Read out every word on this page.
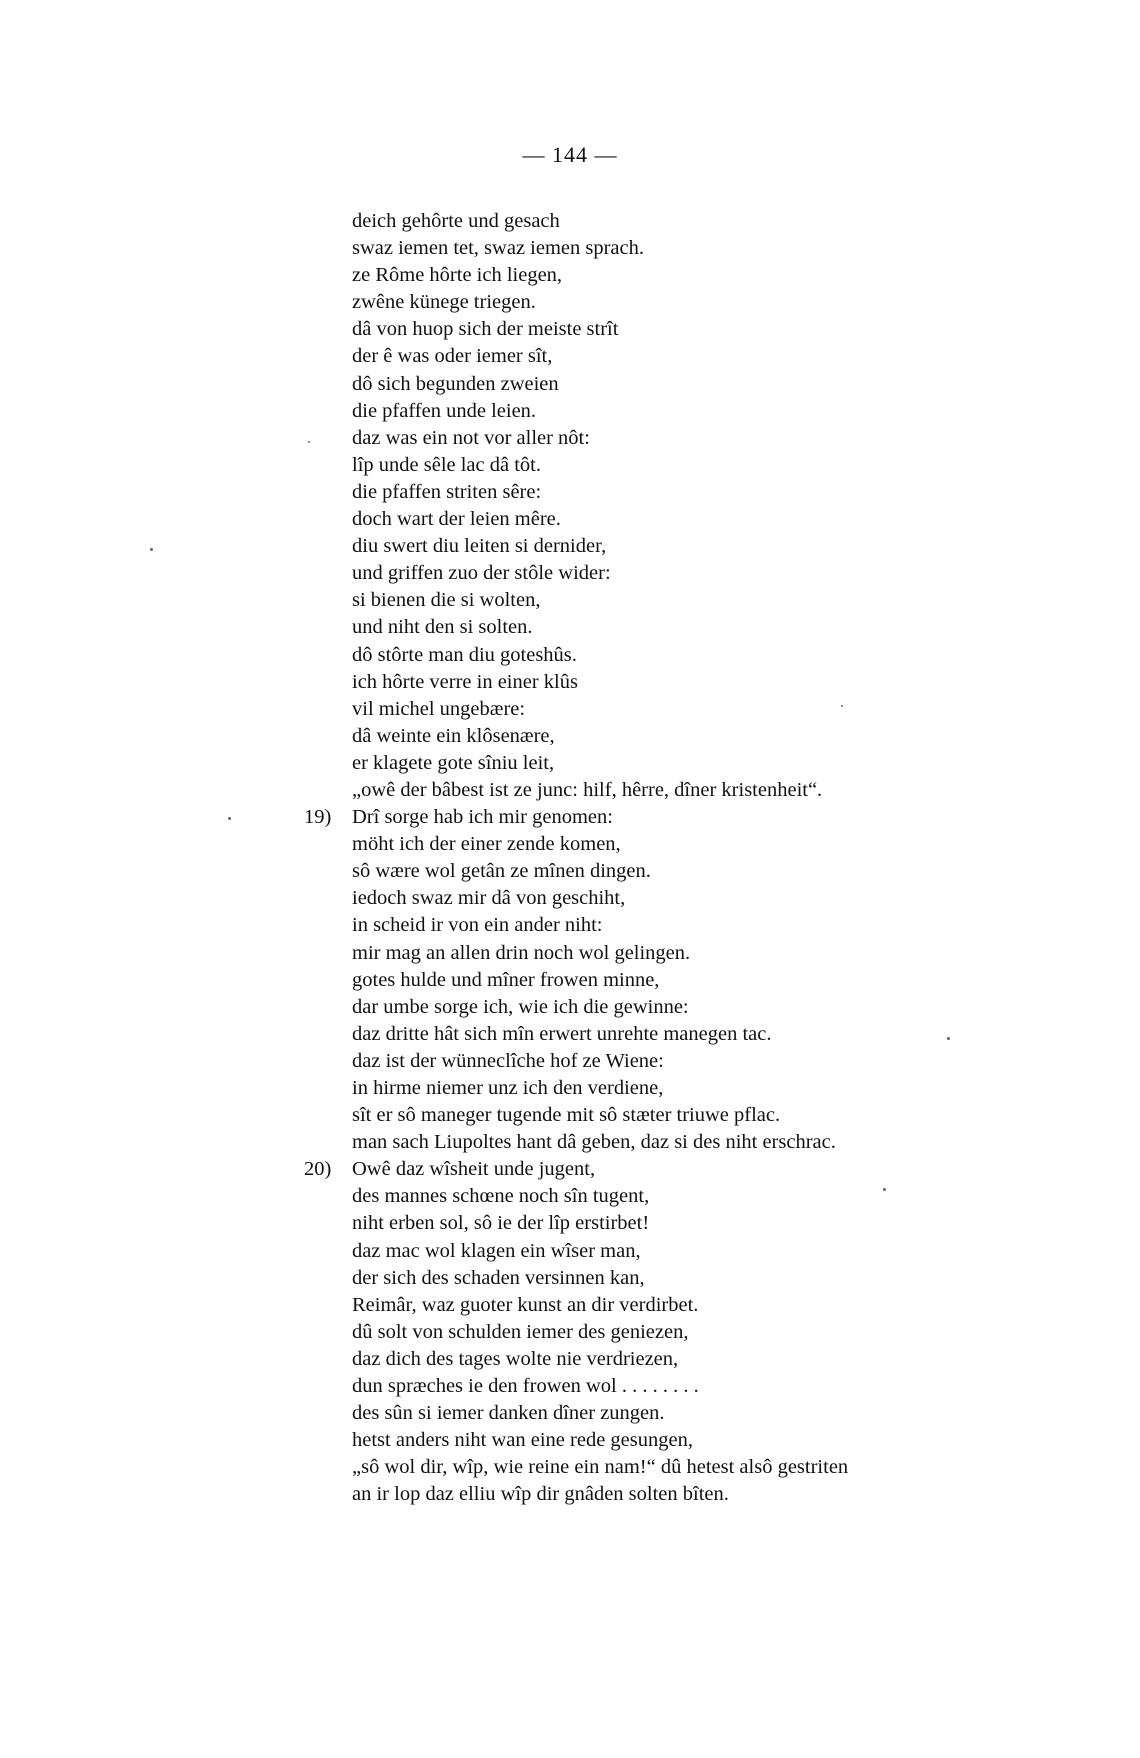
— 144 —
deich gehôrte und gesach
swaz iemen tet, swaz iemen sprach.
ze Rôme hôrte ich liegen,
zwêne künege triegen.
dâ von huop sich der meiste strît
der ê was oder iemer sît,
dô sich begunden zweien
die pfaffen unde leien.
daz was ein not vor aller nôt:
lîp unde sêle lac dâ tôt.
die pfaffen striten sêre:
doch wart der leien mêre.
diu swert diu leiten si dernider,
und griffen zuo der stôle wider:
si bienen die si wolten,
und niht den si solten.
dô stôrte man diu goteshûs.
ich hôrte verre in einer klûs
vil michel ungebære:
dâ weinte ein klôsenære,
er klagete gote sîniu leit,
„owê der bâbest ist ze junc: hilf, hêrre, dîner kristenheit“.
19) Drî sorge hab ich mir genomen:
möht ich der einer zende komen,
sô wære wol getân ze mînen dingen.
iedoch swaz mir dâ von geschiht,
in scheid ir von ein ander niht:
mir mag an allen drin noch wol gelingen.
gotes hulde und mîner frowen minne,
dar umbe sorge ich, wie ich die gewinne:
daz dritte hât sich mîn erwert unrehte manegen tac.
daz ist der wünneclîche hof ze Wiene:
in hirme niemer unz ich den verdiene,
sît er sô maneger tugende mit sô stæter triuwe pflac.
man sach Liupoltes hant dâ geben, daz si des niht erschrac.
20) Owê daz wîsheit unde jugent,
des mannes schœne noch sîn tugent,
niht erben sol, sô ie der lîp erstirbet!
daz mac wol klagen ein wîser man,
der sich des schaden versinnen kan,
Reimâr, waz guoter kunst an dir verdirbet.
dû solt von schulden iemer des geniezen,
daz dich des tages wolte nie verdriezen,
dun spræches ie den frowen wol . . . . . . . .
des sûn si iemer danken dîner zungen.
hetst anders niht wan eine rede gesungen,
„sô wol dir, wîp, wie reine ein nam!“ dû hetest alsô gestriten
an ir lop daz elliu wîp dir gnâden solten bîten.
